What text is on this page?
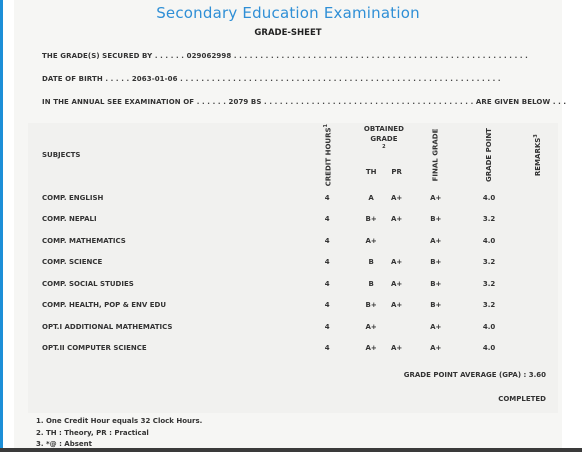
Secondary Education Examination
GRADE-SHEET
THE GRADE(S) SECURED BY . . . . . . 029062998 . . . . . . . . . . . . . . . . . . . . . . . . . . . . . . . . . . . . . . . . . . . . . . . . . . . . . . . .
DATE OF BIRTH . . . . . 2063-01-06 . . . . . . . . . . . . . . . . . . . . . . . . . . . . . . . . . . . . . . . . . . . . . . . . . . . . . . . . . . . . .
IN THE ANNUAL SEE EXAMINATION OF . . . . . . 2079 BS . . . . . . . . . . . . . . . . . . . . . . . . . . . . . . . . . . . . . . . . ARE GIVEN BELOW . . .
SUBJECTS	CREDIT HOURS$^1$	OBTAINED GRADE$^2$		FINAL GRADE	GRADE POINT	REMARKS$^3$
		TH	PR			
COMP. ENGLISH	4	A	A+	A+	4.0	
COMP. NEPALI	4	B+	A+	B+	3.2	
COMP. MATHEMATICS	4	A+		A+	4.0	
COMP. SCIENCE	4	B	A+	B+	3.2	
COMP. SOCIAL STUDIES	4	B	A+	B+	3.2	
COMP. HEALTH, POP & ENV EDU	4	B+	A+	B+	3.2	
OPT.I ADDITIONAL MATHEMATICS	4	A+		A+	4.0	
OPT.II COMPUTER SCIENCE	4	A+	A+	A+	4.0	
GRADE POINT AVERAGE (GPA) : 3.60
COMPLETED
1. One Credit Hour equals 32 Clock Hours.
2. TH : Theory, PR : Practical
3. *@ : Absent
